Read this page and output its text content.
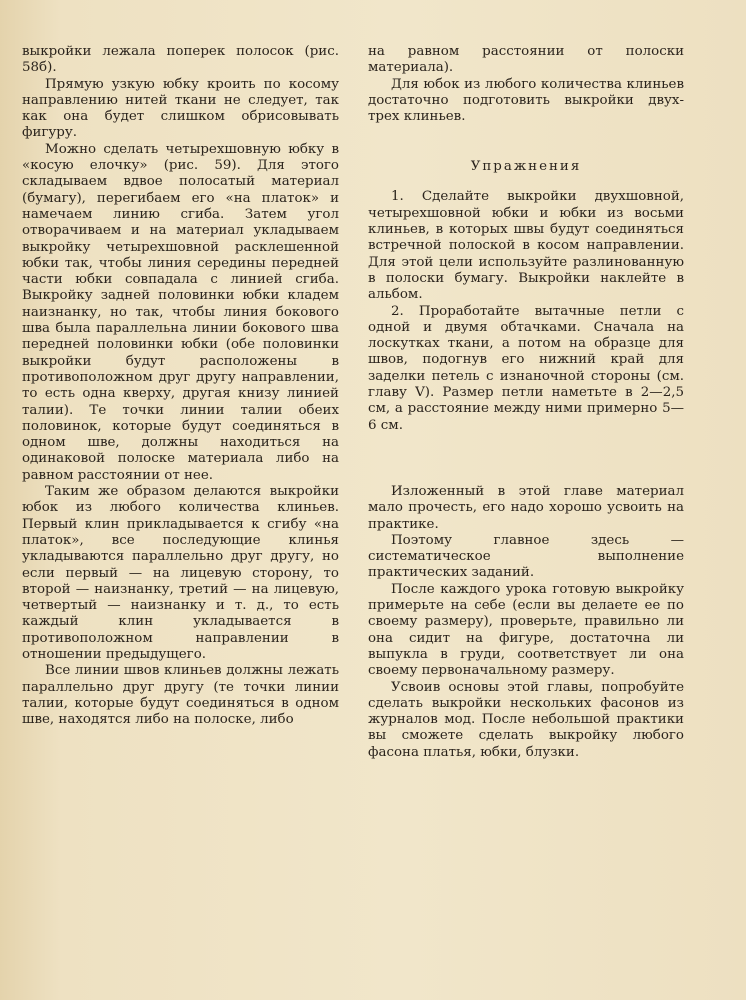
выкройки лежала поперек полосок (рис. 58б).

Прямую узкую юбку кроить по косому направлению нитей ткани не следует, так как она будет слишком обрисовывать фигуру.

Можно сделать четырехшовную юбку в «косую елочку» (рис. 59). Для этого складываем вдвое полосатый материал (бумагу), перегибаем его «на платок» и намечаем линию сгиба. Затем угол отворачиваем и на материал укладываем выкройку четырехшовной расклешенной юбки так, чтобы линия середины передней части юбки совпадала с линией сгиба. Выкройку задней половинки юбки кладем наизнанку, но так, чтобы линия бокового шва была параллельна линии бокового шва передней половинки юбки (обе половинки выкройки будут расположены в противоположном друг другу направлении, то есть одна кверху, другая книзу линией талии). Те точки линии талии обеих половинок, которые будут соединяться в одном шве, должны находиться на одинаковой полоске материала либо на равном расстоянии от нее.

Таким же образом делаются выкройки юбок из любого количества клиньев. Первый клин прикладывается к сгибу «на платок», все последующие клинья укладываются параллельно друг другу, но если первый — на лицевую сторону, то второй — наизнанку, третий — на лицевую, четвертый — наизнанку и т. д., то есть каждый клин укладывается в противоположном направлении в отношении предыдущего.

Все линии швов клиньев должны лежать параллельно друг другу (те точки линии талии, которые будут соединяться в одном шве, находятся либо на полоске, либо

на равном расстоянии от полоски материала).

Для юбок из любого количества клиньев достаточно подготовить выкройки двух-трех клиньев.

Упражнения

1. Сделайте выкройки двухшовной, четырехшовной юбки и юбки из восьми клиньев, в которых швы будут соединяться встречной полоской в косом направлении. Для этой цели используйте разлинованную в полоски бумагу. Выкройки наклейте в альбом.

2. Проработайте вытачные петли с одной и двумя обтачками. Сначала на лоскутках ткани, а потом на образце для швов, подогнув его нижний край для заделки петель с изнаночной стороны (см. главу V). Размер петли наметьте в 2—2,5 см, а расстояние между ними примерно 5—6 см.

Изложенный в этой главе материал мало прочесть, его надо хорошо усвоить на практике.

Поэтому главное здесь — систематическое выполнение практических заданий.

После каждого урока готовую выкройку примерьте на себе (если вы делаете ее по своему размеру), проверьте, правильно ли она сидит на фигуре, достаточна ли выпукла в груди, соответствует ли она своему первоначальному размеру.

Усвоив основы этой главы, попробуйте сделать выкройки нескольких фасонов из журналов мод. После небольшой практики вы сможете сделать выкройку любого фасона платья, юбки, блузки.
